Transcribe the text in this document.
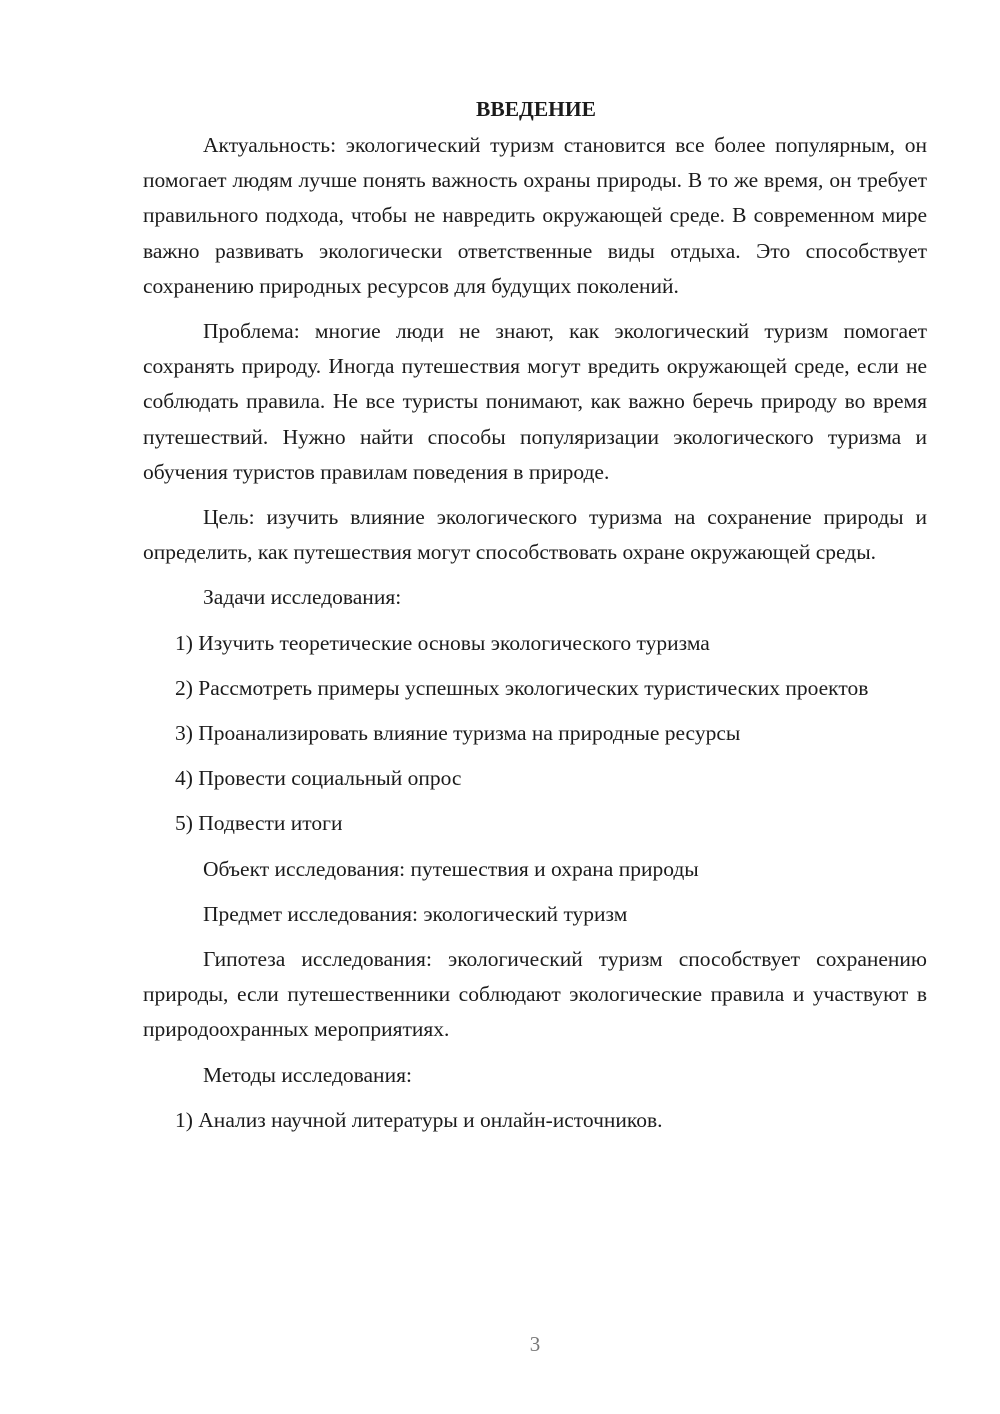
ВВЕДЕНИЕ

Актуальность: экологический туризм становится все более популярным, он помогает людям лучше понять важность охраны природы. В то же время, он требует правильного подхода, чтобы не навредить окружающей среде. В современном мире важно развивать экологически ответственные виды отдыха. Это способствует сохранению природных ресурсов для будущих поколений.

Проблема: многие люди не знают, как экологический туризм помогает сохранять природу. Иногда путешествия могут вредить окружающей среде, если не соблюдать правила. Не все туристы понимают, как важно беречь природу во время путешествий. Нужно найти способы популяризации экологического туризма и обучения туристов правилам поведения в природе.

Цель: изучить влияние экологического туризма на сохранение природы и определить, как путешествия могут способствовать охране окружающей среды.

Задачи исследования:

1) Изучить теоретические основы экологического туризма

2) Рассмотреть примеры успешных экологических туристических проектов

3) Проанализировать влияние туризма на природные ресурсы

4) Провести социальный опрос

5) Подвести итоги

Объект исследования: путешествия и охрана природы

Предмет исследования: экологический туризм

Гипотеза исследования: экологический туризм способствует сохранению природы, если путешественники соблюдают экологические правила и участвуют в природоохранных мероприятиях.

Методы исследования:

1) Анализ научной литературы и онлайн-источников.

3
